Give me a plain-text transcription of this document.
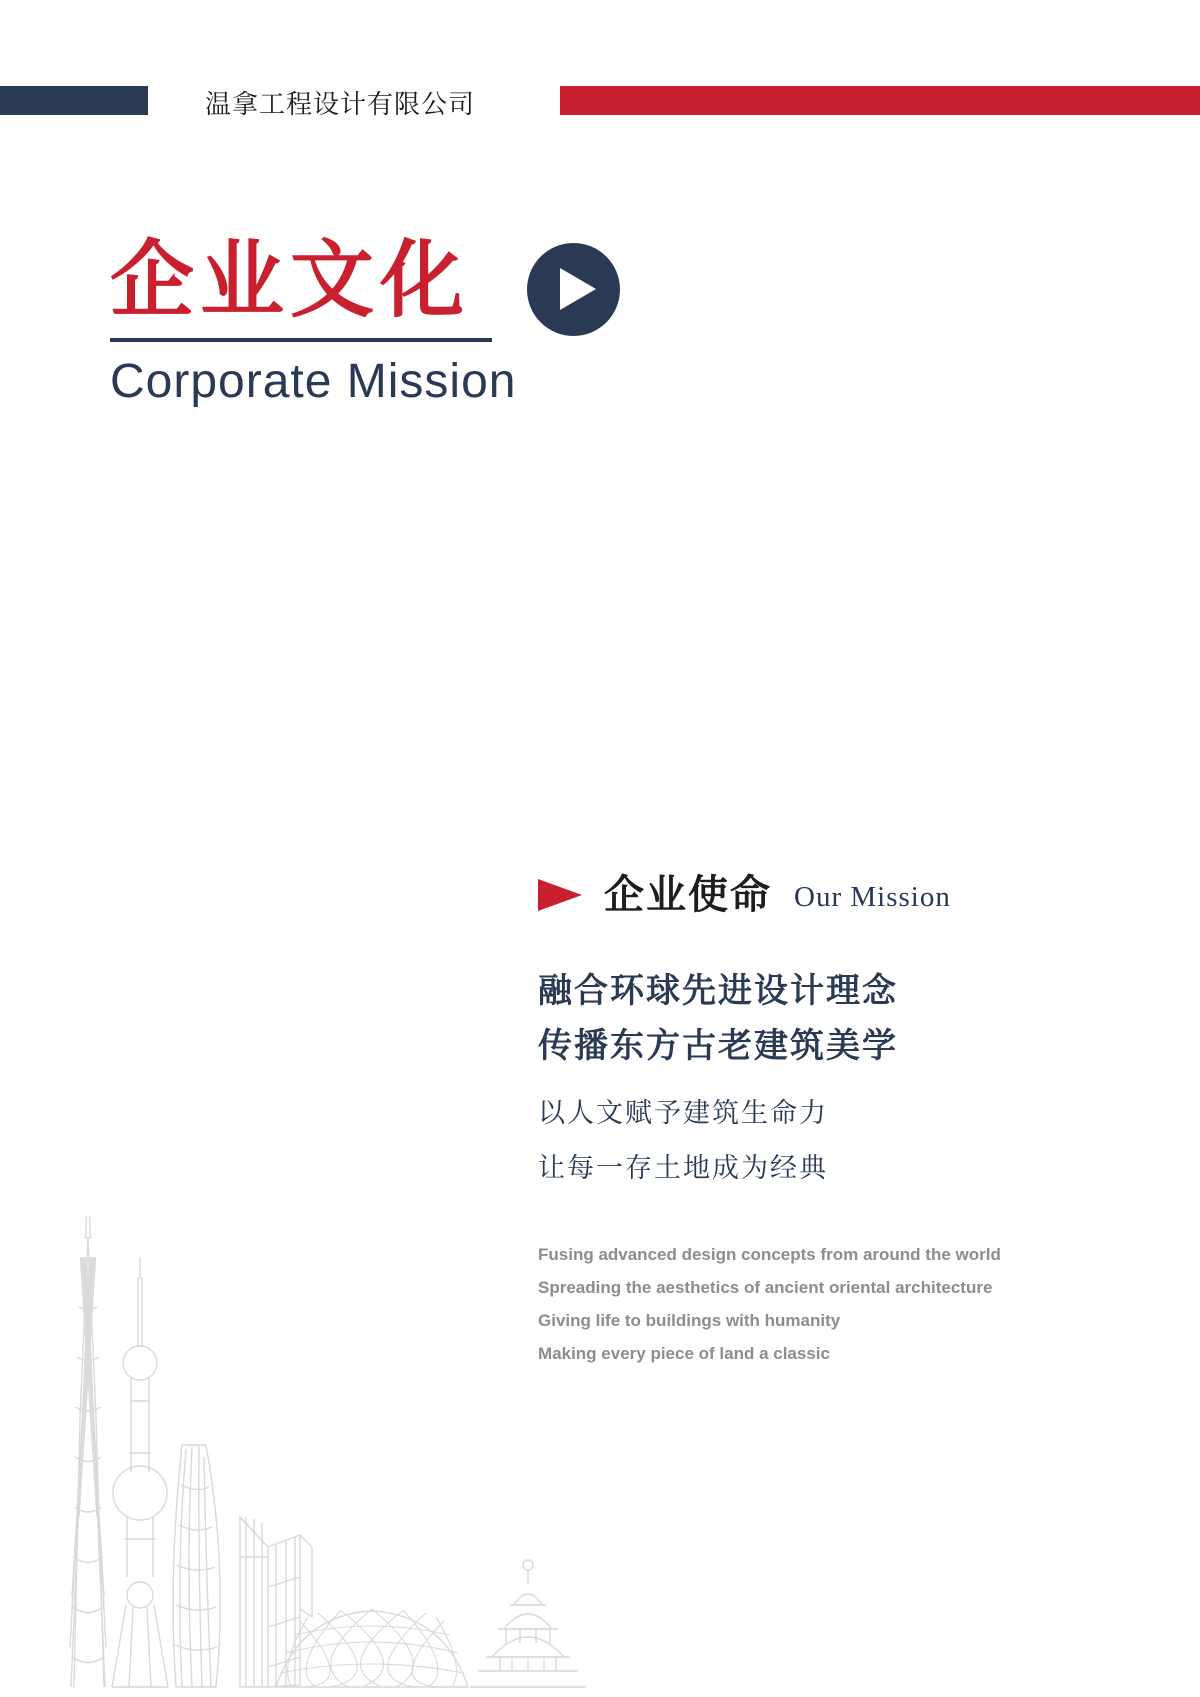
温拿工程设计有限公司
企业文化
Corporate Mission
企业使命 Our Mission
融合环球先进设计理念
传播东方古老建筑美学
以人文赋予建筑生命力
让每一存土地成为经典
Fusing advanced design concepts from around the world
Spreading the aesthetics of ancient oriental architecture
Giving life to buildings with humanity
Making every piece of land a classic
